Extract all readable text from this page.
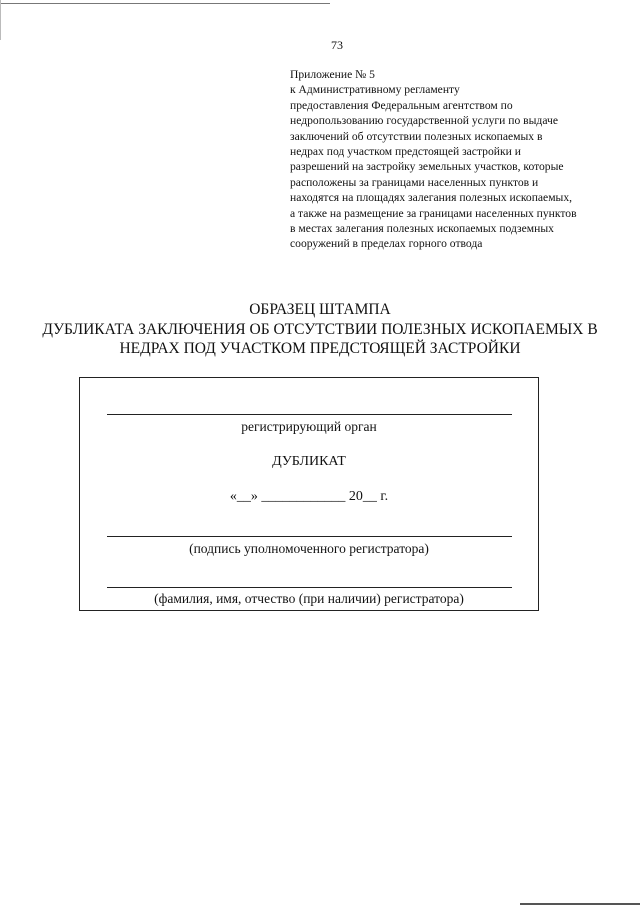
73
Приложение № 5
к Административному регламенту
предоставления Федеральным агентством по
недропользованию государственной услуги по выдаче
заключений об отсутствии полезных ископаемых в
недрах под участком предстоящей застройки и
разрешений на застройку земельных участков, которые
расположены за границами населенных пунктов и
находятся на площадях залегания полезных ископаемых,
а также на размещение за границами населенных пунктов
в местах залегания полезных ископаемых подземных
сооружений в пределах горного отвода
ОБРАЗЕЦ ШТАМПА
ДУБЛИКАТА ЗАКЛЮЧЕНИЯ ОБ ОТСУТСТВИИ ПОЛЕЗНЫХ ИСКОПАЕМЫХ В
НЕДРАХ ПОД УЧАСТКОМ ПРЕДСТОЯЩЕЙ ЗАСТРОЙКИ
регистрирующий орган
ДУБЛИКАТ
«__» ____________ 20__ г.
(подпись уполномоченного регистратора)
(фамилия, имя, отчество (при наличии) регистратора)
